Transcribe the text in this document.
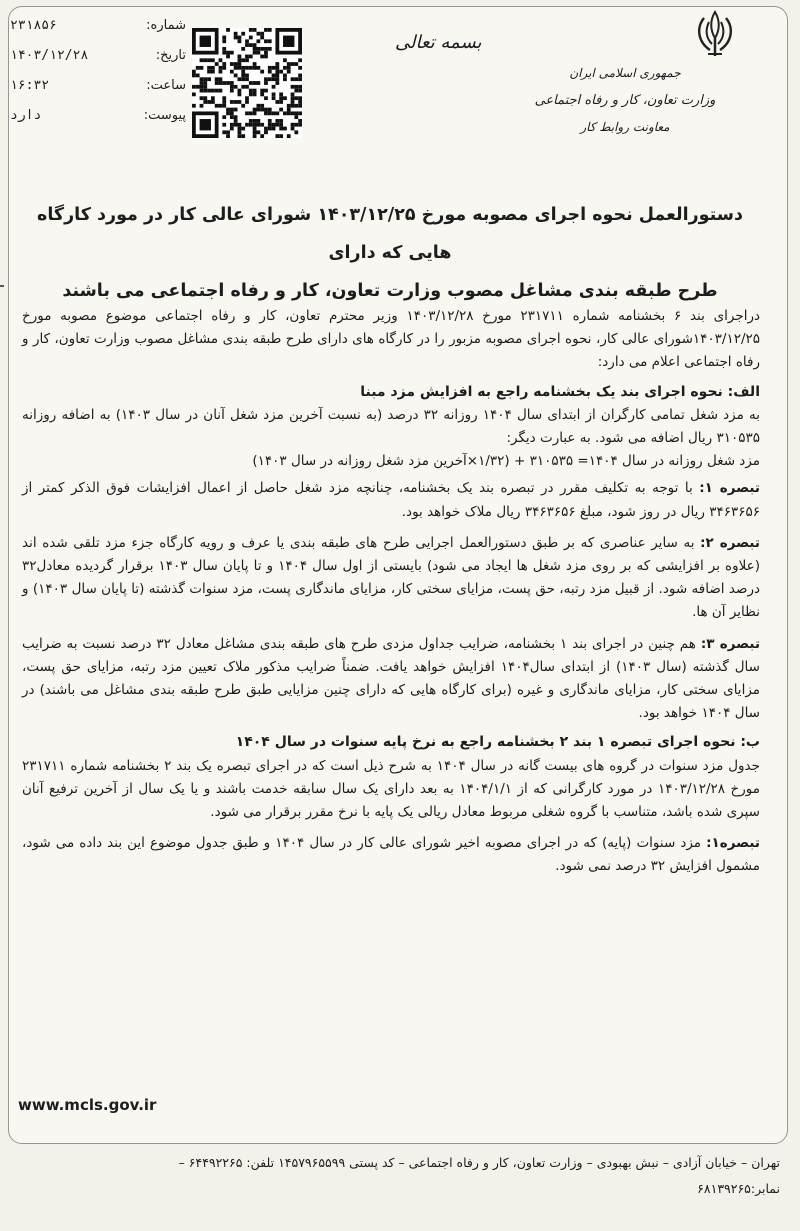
شماره:
۲۳۱۸۵۶
تاریخ:
۱۴۰۳/۱۲/۲۸
ساعت:
۱۶:۳۲
پیوست:
دارد
بسمه تعالی
جمهوری اسلامی ایران
وزارت تعاون، کار و رفاه اجتماعی
معاونت روابط کار
دستورالعمل نحوه اجرای مصوبه مورخ ۱۴۰۳/۱۲/۲۵ شورای عالی کار در مورد کارگاه هایی که دارای
طرح طبقه بندی مشاغل مصوب وزارت تعاون، کار و رفاه اجتماعی می باشند

دراجرای بند ۶ بخشنامه شماره ۲۳۱۷۱۱ مورخ ۱۴۰۳/۱۲/۲۸ وزیر محترم تعاون، کار و رفاه اجتماعی موضوع مصوبه مورخ ۱۴۰۳/۱۲/۲۵شورای عالی کار، نحوه اجرای مصوبه مزبور را در کارگاه های دارای طرح طبقه بندی مشاغل مصوب وزارت تعاون، کار و رفاه اجتماعی اعلام می دارد:

الف: نحوه اجرای بند یک بخشنامه راجع به افزایش مزد مبنا

به مزد شغل تمامی کارگران از ابتدای سال ۱۴۰۴ روزانه ۳۲ درصد (به نسبت آخرین مزد شغل آنان در سال ۱۴۰۳) به اضافه روزانه ۳۱۰۵۳۵ ریال اضافه می شود. به عبارت دیگر:

مزد شغل روزانه در سال ۱۴۰۴= ۳۱۰۵۳۵ + (۱/۳۲×آخرین مزد شغل روزانه در سال ۱۴۰۳)

تبصره ۱: با توجه به تکلیف مقرر در تبصره بند یک بخشنامه، چنانچه مزد شغل حاصل از اعمال افزایشات فوق الذکر کمتر از ۳۴۶۳۶۵۶ ریال در روز شود، مبلغ ۳۴۶۳۶۵۶ ریال ملاک خواهد بود.

تبصره ۲: به سایر عناصری که بر طبق دستورالعمل اجرایی طرح های طبقه بندی یا عرف و رویه کارگاه جزء مزد تلقی شده اند (علاوه بر افزایشی که بر روی مزد شغل ها ایجاد می شود) بایستی از اول سال ۱۴۰۴ و تا پایان سال ۱۴۰۳ برقرار گردیده معادل۳۲ درصد اضافه شود. از قبیل مزد رتبه، حق پست، مزایای سختی کار، مزایای ماندگاری پست، مزد سنوات گذشته (تا پایان سال ۱۴۰۳) و نظایر آن ها.

تبصره ۳: هم چنین در اجرای بند ۱ بخشنامه، ضرایب جداول مزدی طرح های طبقه بندی مشاغل معادل ۳۲ درصد نسبت به ضرایب سال گذشته (سال ۱۴۰۳) از ابتدای سال۱۴۰۴ افزایش خواهد یافت. ضمناً ضرایب مذکور ملاک تعیین مزد رتبه، مزایای حق پست، مزایای سختی کار، مزایای ماندگاری و غیره (برای کارگاه هایی که دارای چنین مزایایی طبق طرح طبقه بندی مشاغل می باشند) در سال ۱۴۰۴ خواهد بود.

ب: نحوه اجرای تبصره ۱ بند ۲ بخشنامه راجع به نرخ پایه سنوات در سال ۱۴۰۴

جدول مزد سنوات در گروه های بیست گانه در سال ۱۴۰۴ به شرح ذیل است که در اجرای تبصره یک بند ۲ بخشنامه شماره ۲۳۱۷۱۱ مورخ ۱۴۰۳/۱۲/۲۸ در مورد کارگرانی که از ۱۴۰۴/۱/۱ به بعد دارای یک سال سابقه خدمت باشند و یا یک سال از آخرین ترفیع آنان سپری شده باشد، متناسب با گروه شغلی مربوط معادل ریالی یک پایه با نرخ مقرر برقرار می شود.

تبصره۱: مزد سنوات (پایه) که در اجرای مصوبه اخیر شورای عالی کار در سال ۱۴۰۴ و طبق جدول موضوع این بند داده می شود، مشمول افزایش ۳۲ درصد نمی شود.

www.mcls.gov.ir
تهران – خیابان آزادی – نبش بهبودی – وزارت تعاون، کار و رفاه اجتماعی – کد پستی ۱۴۵۷۹۶۵۵۹۹ تلفن: ۶۴۴۹۲۲۶۵ –
نمابر:۶۸۱۳۹۲۶۵
